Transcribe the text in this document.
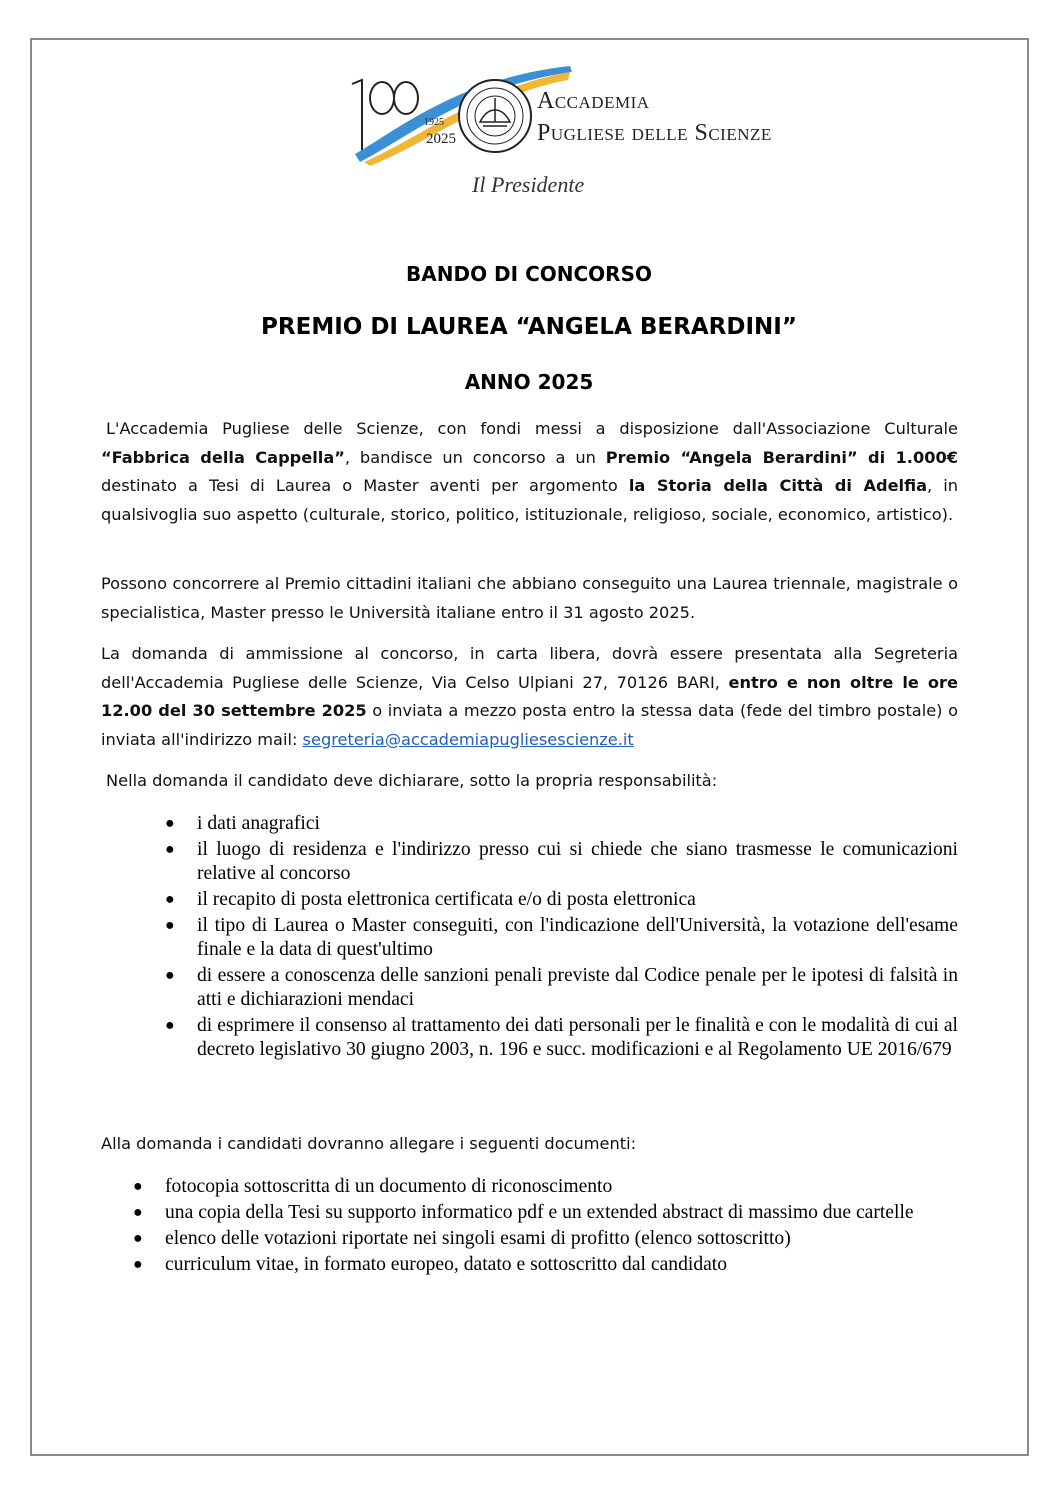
1925
2025
Accademia
Pugliese delle Scienze
Il Presidente
BANDO DI CONCORSO
PREMIO DI LAUREA “ANGELA BERARDINI”
ANNO 2025

L'Accademia Pugliese delle Scienze, con fondi messi a disposizione dall'Associazione Culturale “Fabbrica della Cappella”, bandisce un concorso a un Premio “Angela Berardini” di 1.000€ destinato a Tesi di Laurea o Master aventi per argomento la Storia della Città di Adelfia, in qualsivoglia suo aspetto (culturale, storico, politico, istituzionale, religioso, sociale, economico, artistico).

Possono concorrere al Premio cittadini italiani che abbiano conseguito una Laurea triennale, magistrale o specialistica, Master presso le Università italiane entro il 31 agosto 2025.

La domanda di ammissione al concorso, in carta libera, dovrà essere presentata alla Segreteria dell'Accademia Pugliese delle Scienze, Via Celso Ulpiani 27, 70126 BARI, entro e non oltre le ore 12.00 del 30 settembre 2025 o inviata a mezzo posta entro la stessa data (fede del timbro postale) o inviata all'indirizzo mail: segreteria@accademiapugliesescienze.it

Nella domanda il candidato deve dichiarare, sotto la propria responsabilità:

● i dati anagrafici
● il luogo di residenza e l'indirizzo presso cui si chiede che siano trasmesse le comunicazioni relative al concorso
● il recapito di posta elettronica certificata e/o di posta elettronica
● il tipo di Laurea o Master conseguiti, con l'indicazione dell'Università, la votazione dell'esame finale e la data di quest'ultimo
● di essere a conoscenza delle sanzioni penali previste dal Codice penale per le ipotesi di falsità in atti e dichiarazioni mendaci
● di esprimere il consenso al trattamento dei dati personali per le finalità e con le modalità di cui al decreto legislativo 30 giugno 2003, n. 196 e succ. modificazioni e al Regolamento UE 2016/679

Alla domanda i candidati dovranno allegare i seguenti documenti:

● fotocopia sottoscritta di un documento di riconoscimento
● una copia della Tesi su supporto informatico pdf e un extended abstract di massimo due cartelle
● elenco delle votazioni riportate nei singoli esami di profitto (elenco sottoscritto)
● curriculum vitae, in formato europeo, datato e sottoscritto dal candidato
